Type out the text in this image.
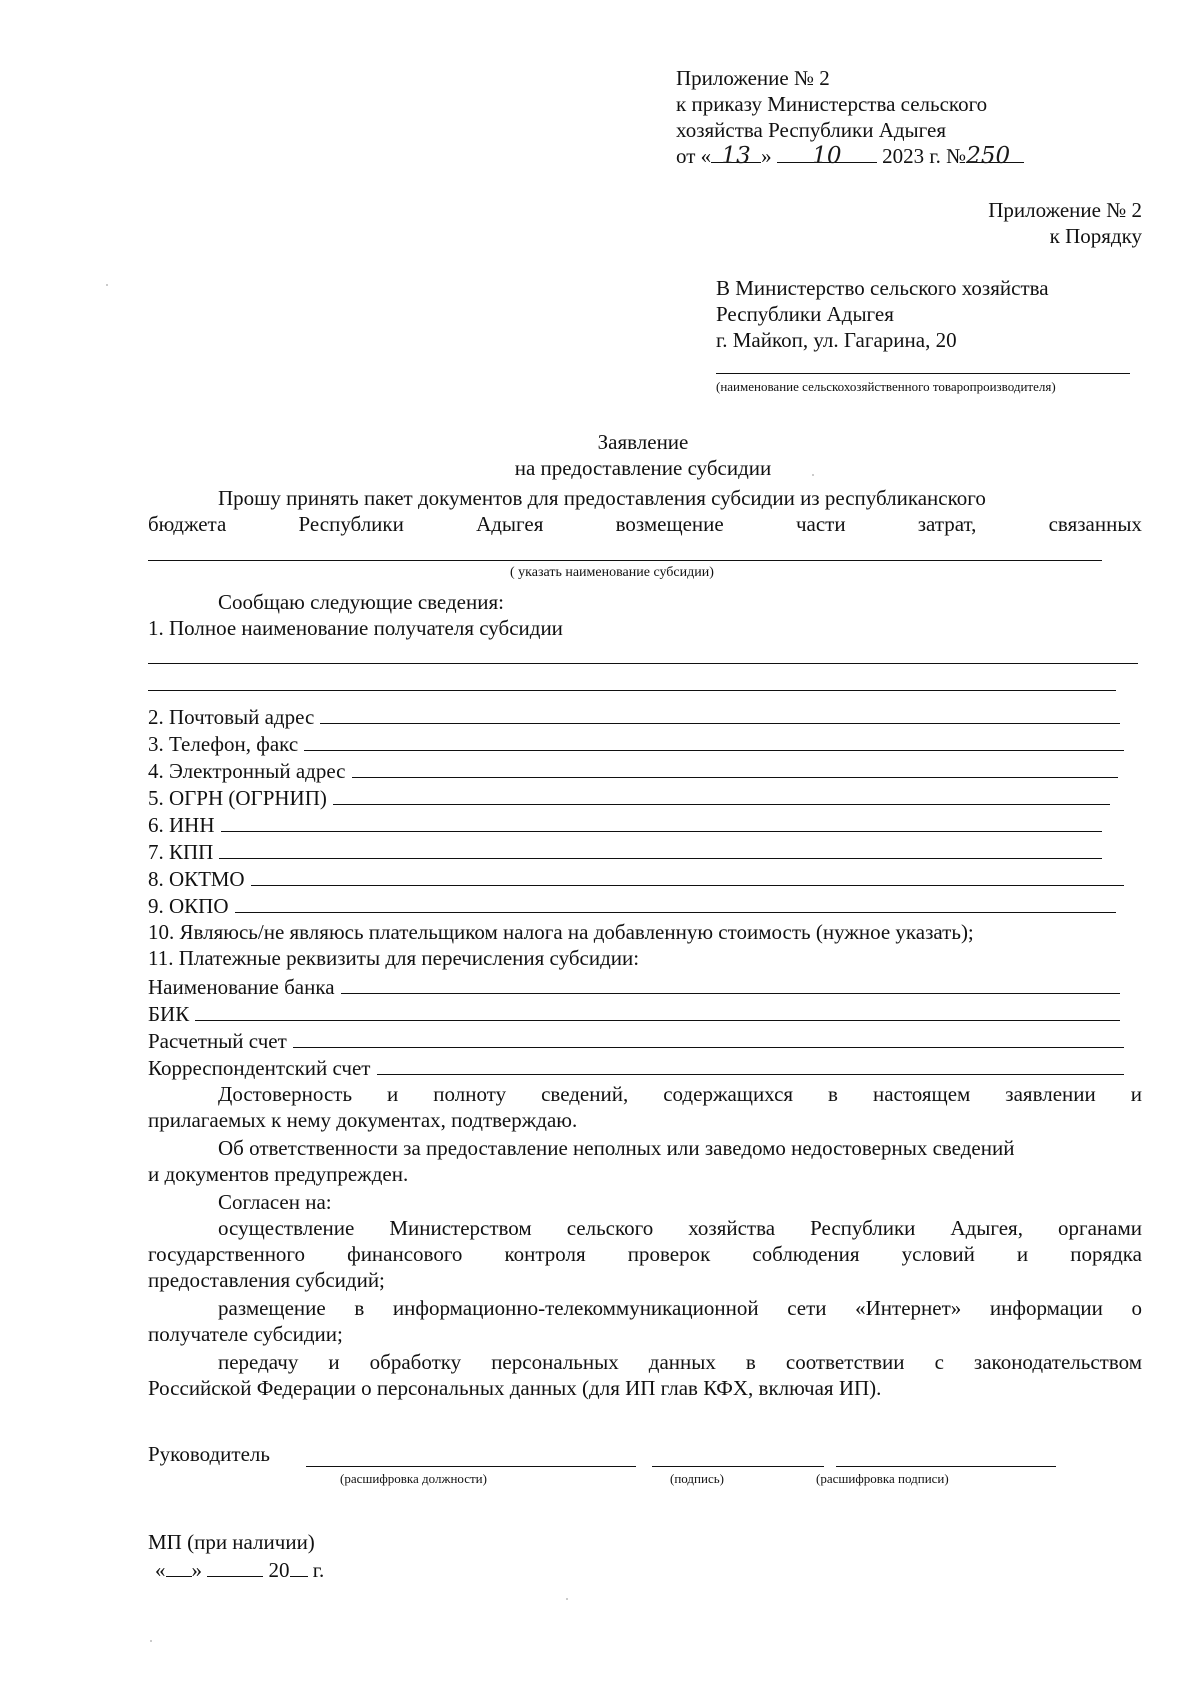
Приложение № 2
к приказу Министерства сельского
хозяйства Республики Адыгея
от « 13 » 10 2023 г. №250
Приложение № 2
к Порядку
В Министерство сельского хозяйства
Республики Адыгея
г. Майкоп, ул. Гагарина, 20
(наименование сельскохозяйственного товаропроизводителя)
Заявление
на предоставление субсидии
Прошу принять пакет документов для предоставления субсидии из республиканского
бюджета	Республики	Адыгея	возмещение	части	затрат,	связанных
( указать наименование субсидии)
Сообщаю следующие сведения:
1. Полное наименование получателя субсидии
2. Почтовый адрес
3. Телефон, факс
4. Электронный адрес
5. ОГРН (ОГРНИП)
6. ИНН
7. КПП
8. ОКТМО
9. ОКПО
10. Являюсь/не являюсь плательщиком налога на добавленную стоимость (нужное указать);
11. Платежные реквизиты для перечисления субсидии:
Наименование банка
БИК
Расчетный счет
Корреспондентский счет
Достоверность и полноту сведений, содержащихся в настоящем заявлении и
прилагаемых к нему документах, подтверждаю.
Об ответственности за предоставление неполных или заведомо недостоверных сведений
и документов предупрежден.
Согласен на:
осуществление Министерством сельского хозяйства Республики Адыгея, органами
государственного финансового контроля проверок соблюдения условий и порядка
предоставления субсидий;
размещение в информационно-телекоммуникационной сети «Интернет» информации о
получателе субсидии;
передачу и обработку персональных данных в соответствии с законодательством
Российской Федерации о персональных данных (для ИП глав КФХ, включая ИП).
Руководитель
(расшифровка должности)	(подпись)	(расшифровка подписи)
МП (при наличии)
« »	20 г.
